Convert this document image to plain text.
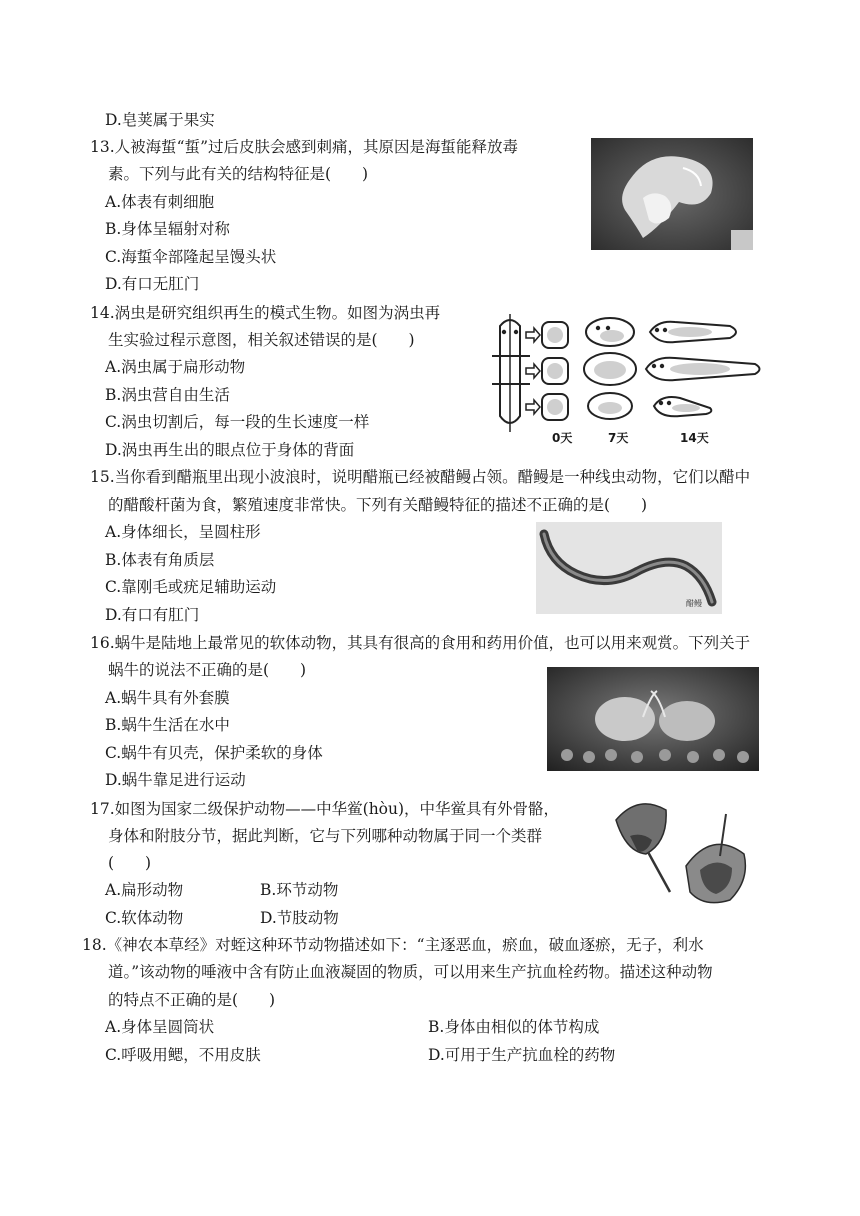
D.皂荚属于果实
13.人被海蜇“蜇”过后皮肤会感到刺痛，其原因是海蜇能释放毒
素。下列与此有关的结构特征是(　　)
A.体表有刺细胞
B.身体呈辐射对称
C.海蜇伞部隆起呈馒头状
D.有口无肛门
14.涡虫是研究组织再生的模式生物。如图为涡虫再
生实验过程示意图，相关叙述错误的是(　　)
A.涡虫属于扁形动物
B.涡虫营自由生活
C.涡虫切割后，每一段的生长速度一样
D.涡虫再生出的眼点位于身体的背面
0天	7天	14天
15.当你看到醋瓶里出现小波浪时，说明醋瓶已经被醋鳗占领。醋鳗是一种线虫动物，它们以醋中
的醋酸杆菌为食，繁殖速度非常快。下列有关醋鳗特征的描述不正确的是(　　)
A.身体细长，呈圆柱形
B.体表有角质层
C.靠刚毛或疣足辅助运动
D.有口有肛门
醋鳗
16.蜗牛是陆地上最常见的软体动物，其具有很高的食用和药用价值，也可以用来观赏。下列关于
蜗牛的说法不正确的是(　　)
A.蜗牛具有外套膜
B.蜗牛生活在水中
C.蜗牛有贝壳，保护柔软的身体
D.蜗牛靠足进行运动
17.如图为国家二级保护动物——中华鲎(hòu)，中华鲎具有外骨骼，
身体和附肢分节，据此判断，它与下列哪种动物属于同一个类群
(　　)
A.扁形动物	B.环节动物
C.软体动物	D.节肢动物
18.《神农本草经》对蛭这种环节动物描述如下：“主逐恶血，瘀血，破血逐瘀，无子，利水
道。”该动物的唾液中含有防止血液凝固的物质，可以用来生产抗血栓药物。描述这种动物
的特点不正确的是(　　)
A.身体呈圆筒状	B.身体由相似的体节构成
C.呼吸用鳃，不用皮肤	D.可用于生产抗血栓的药物
